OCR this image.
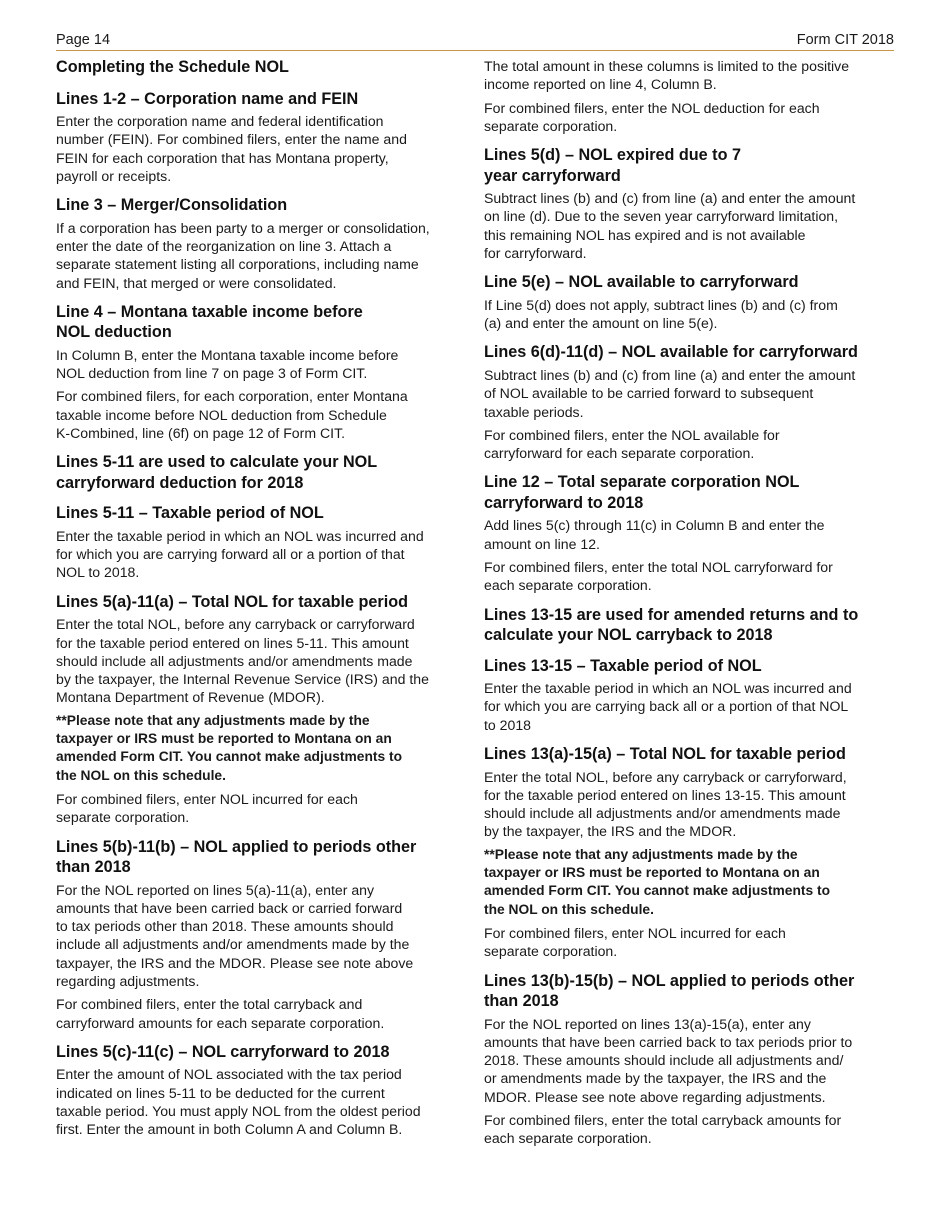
Page 14	Form CIT 2018
Completing the Schedule NOL
Lines 1-2 – Corporation name and FEIN

Enter the corporation name and federal identification
number (FEIN). For combined filers, enter the name and
FEIN for each corporation that has Montana property,
payroll or receipts.

Line 3 – Merger/Consolidation

If a corporation has been party to a merger or consolidation,
enter the date of the reorganization on line 3. Attach a
separate statement listing all corporations, including name
and FEIN, that merged or were consolidated.

Line 4 – Montana taxable income before
NOL deduction

In Column B, enter the Montana taxable income before
NOL deduction from line 7 on page 3 of Form CIT.

For combined filers, for each corporation, enter Montana
taxable income before NOL deduction from Schedule
K-Combined, line (6f) on page 12 of Form CIT.

Lines 5-11 are used to calculate your NOL
carryforward deduction for 2018
Lines 5-11 – Taxable period of NOL

Enter the taxable period in which an NOL was incurred and
for which you are carrying forward all or a portion of that
NOL to 2018.

Lines 5(a)-11(a) – Total NOL for taxable period

Enter the total NOL, before any carryback or carryforward
for the taxable period entered on lines 5-11. This amount
should include all adjustments and/or amendments made
by the taxpayer, the Internal Revenue Service (IRS) and the
Montana Department of Revenue (MDOR).

**Please note that any adjustments made by the
taxpayer or IRS must be reported to Montana on an
amended Form CIT. You cannot make adjustments to
the NOL on this schedule.

For combined filers, enter NOL incurred for each
separate corporation.

Lines 5(b)-11(b) – NOL applied to periods other
than 2018

For the NOL reported on lines 5(a)-11(a), enter any
amounts that have been carried back or carried forward
to tax periods other than 2018. These amounts should
include all adjustments and/or amendments made by the
taxpayer, the IRS and the MDOR. Please see note above
regarding adjustments.

For combined filers, enter the total carryback and
carryforward amounts for each separate corporation.

Lines 5(c)-11(c) – NOL carryforward to 2018

Enter the amount of NOL associated with the tax period
indicated on lines 5-11 to be deducted for the current
taxable period. You must apply NOL from the oldest period
first. Enter the amount in both Column A and Column B.

The total amount in these columns is limited to the positive
income reported on line 4, Column B.

For combined filers, enter the NOL deduction for each
separate corporation.

Lines 5(d) – NOL expired due to 7
year carryforward

Subtract lines (b) and (c) from line (a) and enter the amount
on line (d). Due to the seven year carryforward limitation,
this remaining NOL has expired and is not available
for carryforward.

Line 5(e) – NOL available to carryforward

If Line 5(d) does not apply, subtract lines (b) and (c) from
(a) and enter the amount on line 5(e).

Lines 6(d)-11(d) – NOL available for carryforward

Subtract lines (b) and (c) from line (a) and enter the amount
of NOL available to be carried forward to subsequent
taxable periods.

For combined filers, enter the NOL available for
carryforward for each separate corporation.

Line 12 – Total separate corporation NOL
carryforward to 2018

Add lines 5(c) through 11(c) in Column B and enter the
amount on line 12.

For combined filers, enter the total NOL carryforward for
each separate corporation.

Lines 13-15 are used for amended returns and to
calculate your NOL carryback to 2018
Lines 13-15 – Taxable period of NOL

Enter the taxable period in which an NOL was incurred and
for which you are carrying back all or a portion of that NOL
to 2018

Lines 13(a)-15(a) – Total NOL for taxable period

Enter the total NOL, before any carryback or carryforward,
for the taxable period entered on lines 13-15. This amount
should include all adjustments and/or amendments made
by the taxpayer, the IRS and the MDOR.

**Please note that any adjustments made by the
taxpayer or IRS must be reported to Montana on an
amended Form CIT. You cannot make adjustments to
the NOL on this schedule.

For combined filers, enter NOL incurred for each
separate corporation.

Lines 13(b)-15(b) – NOL applied to periods other
than 2018

For the NOL reported on lines 13(a)-15(a), enter any
amounts that have been carried back to tax periods prior to
2018. These amounts should include all adjustments and/
or amendments made by the taxpayer, the IRS and the
MDOR. Please see note above regarding adjustments.

For combined filers, enter the total carryback amounts for
each separate corporation.
